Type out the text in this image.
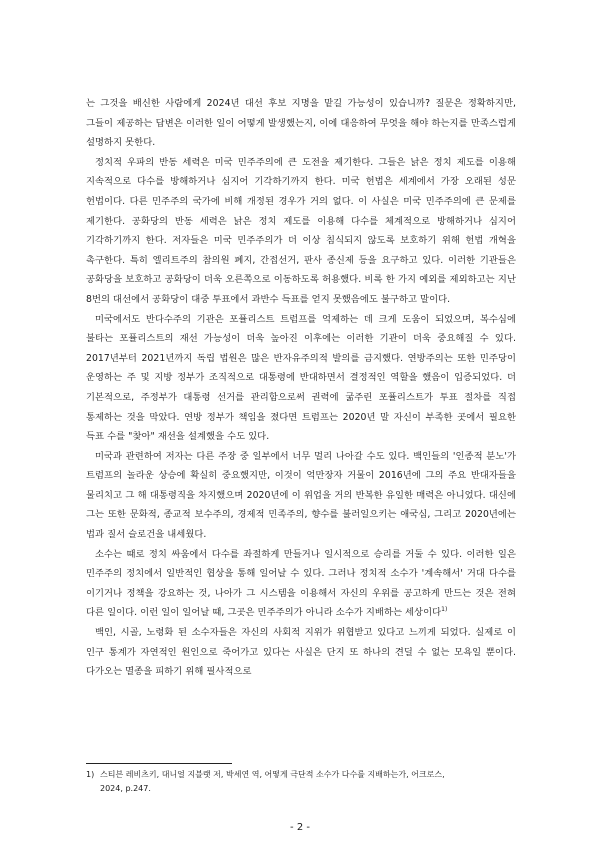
는 그것을 배신한 사람에게 2024년 대선 후보 지명을 맡길 가능성이 있습니까? 질문은 정확하지만, 그들이 제공하는 답변은 이러한 일이 어떻게 발생했는지, 이에 대응하여 무엇을 해야 하는지를 만족스럽게 설명하지 못한다.

정치적 우파의 반동 세력은 미국 민주주의에 큰 도전을 제기한다. 그들은 낡은 정치 제도를 이용해 지속적으로 다수를 방해하거나 심지어 기각하기까지 한다. 미국 헌법은 세계에서 가장 오래된 성문 헌법이다. 다른 민주주의 국가에 비해 개정된 경우가 거의 없다. 이 사실은 미국 민주주의에 큰 문제를 제기한다. 공화당의 반동 세력은 낡은 정치 제도를 이용해 다수를 체계적으로 방해하거나 심지어 기각하기까지 한다. 저자들은 미국 민주주의가 더 이상 침식되지 않도록 보호하기 위해 헌법 개혁을 촉구한다. 특히 엘리트주의 참의원 폐지, 간접선거, 판사 종신제 등을 요구하고 있다. 이러한 기관들은 공화당을 보호하고 공화당이 더욱 오른쪽으로 이동하도록 허용했다. 비록 한 가지 예외를 제외하고는 지난 8번의 대선에서 공화당이 대중 투표에서 과반수 득표를 얻지 못했음에도 불구하고 말이다.

미국에서도 반다수주의 기관은 포퓰리스트 트럼프를 억제하는 데 크게 도움이 되었으며, 복수심에 불타는 포퓰리스트의 재선 가능성이 더욱 높아진 이후에는 이러한 기관이 더욱 중요해질 수 있다. 2017년부터 2021년까지 독립 법원은 많은 반자유주의적 발의를 금지했다. 연방주의는 또한 민주당이 운영하는 주 및 지방 정부가 조직적으로 대통령에 반대하면서 결정적인 역할을 했음이 입증되었다. 더 기본적으로, 주정부가 대통령 선거를 관리함으로써 권력에 굶주린 포퓰리스트가 투표 절차를 직접 통제하는 것을 막았다. 연방 정부가 책임을 졌다면 트럼프는 2020년 말 자신이 부족한 곳에서 필요한 득표 수를 "찾아" 재선을 설계했을 수도 있다.

미국과 관련하여 저자는 다른 주장 중 일부에서 너무 멀리 나아갈 수도 있다. 백인들의 '인종적 분노'가 트럼프의 놀라운 상승에 확실히 중요했지만, 이것이 억만장자 거물이 2016년에 그의 주요 반대자들을 물리치고 그 해 대통령직을 차지했으며 2020년에 이 위업을 거의 반복한 유일한 매력은 아니었다. 대신에 그는 또한 문화적, 종교적 보수주의, 경제적 민족주의, 향수를 불러일으키는 애국심, 그리고 2020년에는 법과 질서 슬로건을 내세웠다.

소수는 때로 정치 싸움에서 다수를 좌절하게 만들거나 일시적으로 승리를 거둘 수 있다. 이러한 일은 민주주의 정치에서 일반적인 협상을 통해 일어날 수 있다. 그러나 정치적 소수가 '계속해서' 거대 다수를 이기거나 정책을 강요하는 것, 나아가 그 시스템을 이용해서 자신의 우위를 공고하게 만드는 것은 전혀 다른 일이다. 이런 일이 일어날 때, 그곳은 민주주의가 아니라 소수가 지배하는 세상이다$^{1)}$

백인, 시골, 노령화 된 소수자들은 자신의 사회적 지위가 위협받고 있다고 느끼게 되었다. 실제로 이 인구 통계가 자연적인 원인으로 죽어가고 있다는 사실은 단지 또 하나의 견딜 수 없는 모욕일 뿐이다. 다가오는 멸종을 피하기 위해 필사적으로

1) 스티븐 레비츠키, 대니얼 지블랫 저, 박세연 역, 어떻게 극단적 소수가 다수를 지배하는가, 어크로스,
2024, p.247.

- 2 -
